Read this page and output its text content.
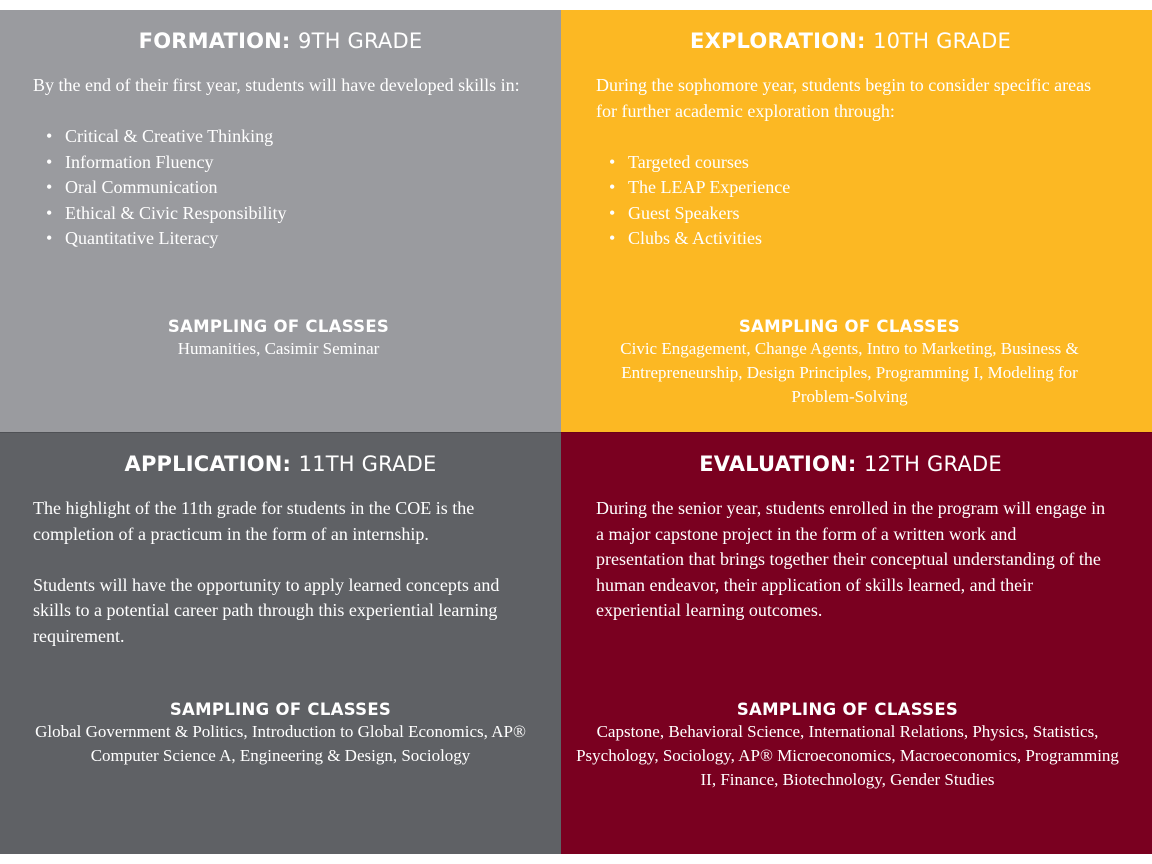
FORMATION: 9TH GRADE

By the end of their first year, students will have developed skills in:

• Critical & Creative Thinking
• Information Fluency
• Oral Communication
• Ethical & Civic Responsibility
• Quantitative Literacy
SAMPLING OF CLASSES
Humanities, Casimir Seminar
EXPLORATION: 10TH GRADE

During the sophomore year, students begin to consider specific areas for further academic exploration through:

• Targeted courses
• The LEAP Experience
• Guest Speakers
• Clubs & Activities
SAMPLING OF CLASSES
Civic Engagement, Change Agents, Intro to Marketing, Business & Entrepreneurship, Design Principles, Programming I, Modeling for Problem-Solving
APPLICATION: 11TH GRADE

The highlight of the 11th grade for students in the COE is the completion of a practicum in the form of an internship.

Students will have the opportunity to apply learned concepts and skills to a potential career path through this experiential learning requirement.

SAMPLING OF CLASSES
Global Government & Politics, Introduction to Global Economics, AP® Computer Science A, Engineering & Design, Sociology
EVALUATION: 12TH GRADE

During the senior year, students enrolled in the program will engage in a major capstone project in the form of a written work and presentation that brings together their conceptual understanding of the human endeavor, their application of skills learned, and their experiential learning outcomes.

SAMPLING OF CLASSES
Capstone, Behavioral Science, International Relations, Physics, Statistics, Psychology, Sociology, AP® Microeconomics, Macroeconomics, Programming II, Finance, Biotechnology, Gender Studies
